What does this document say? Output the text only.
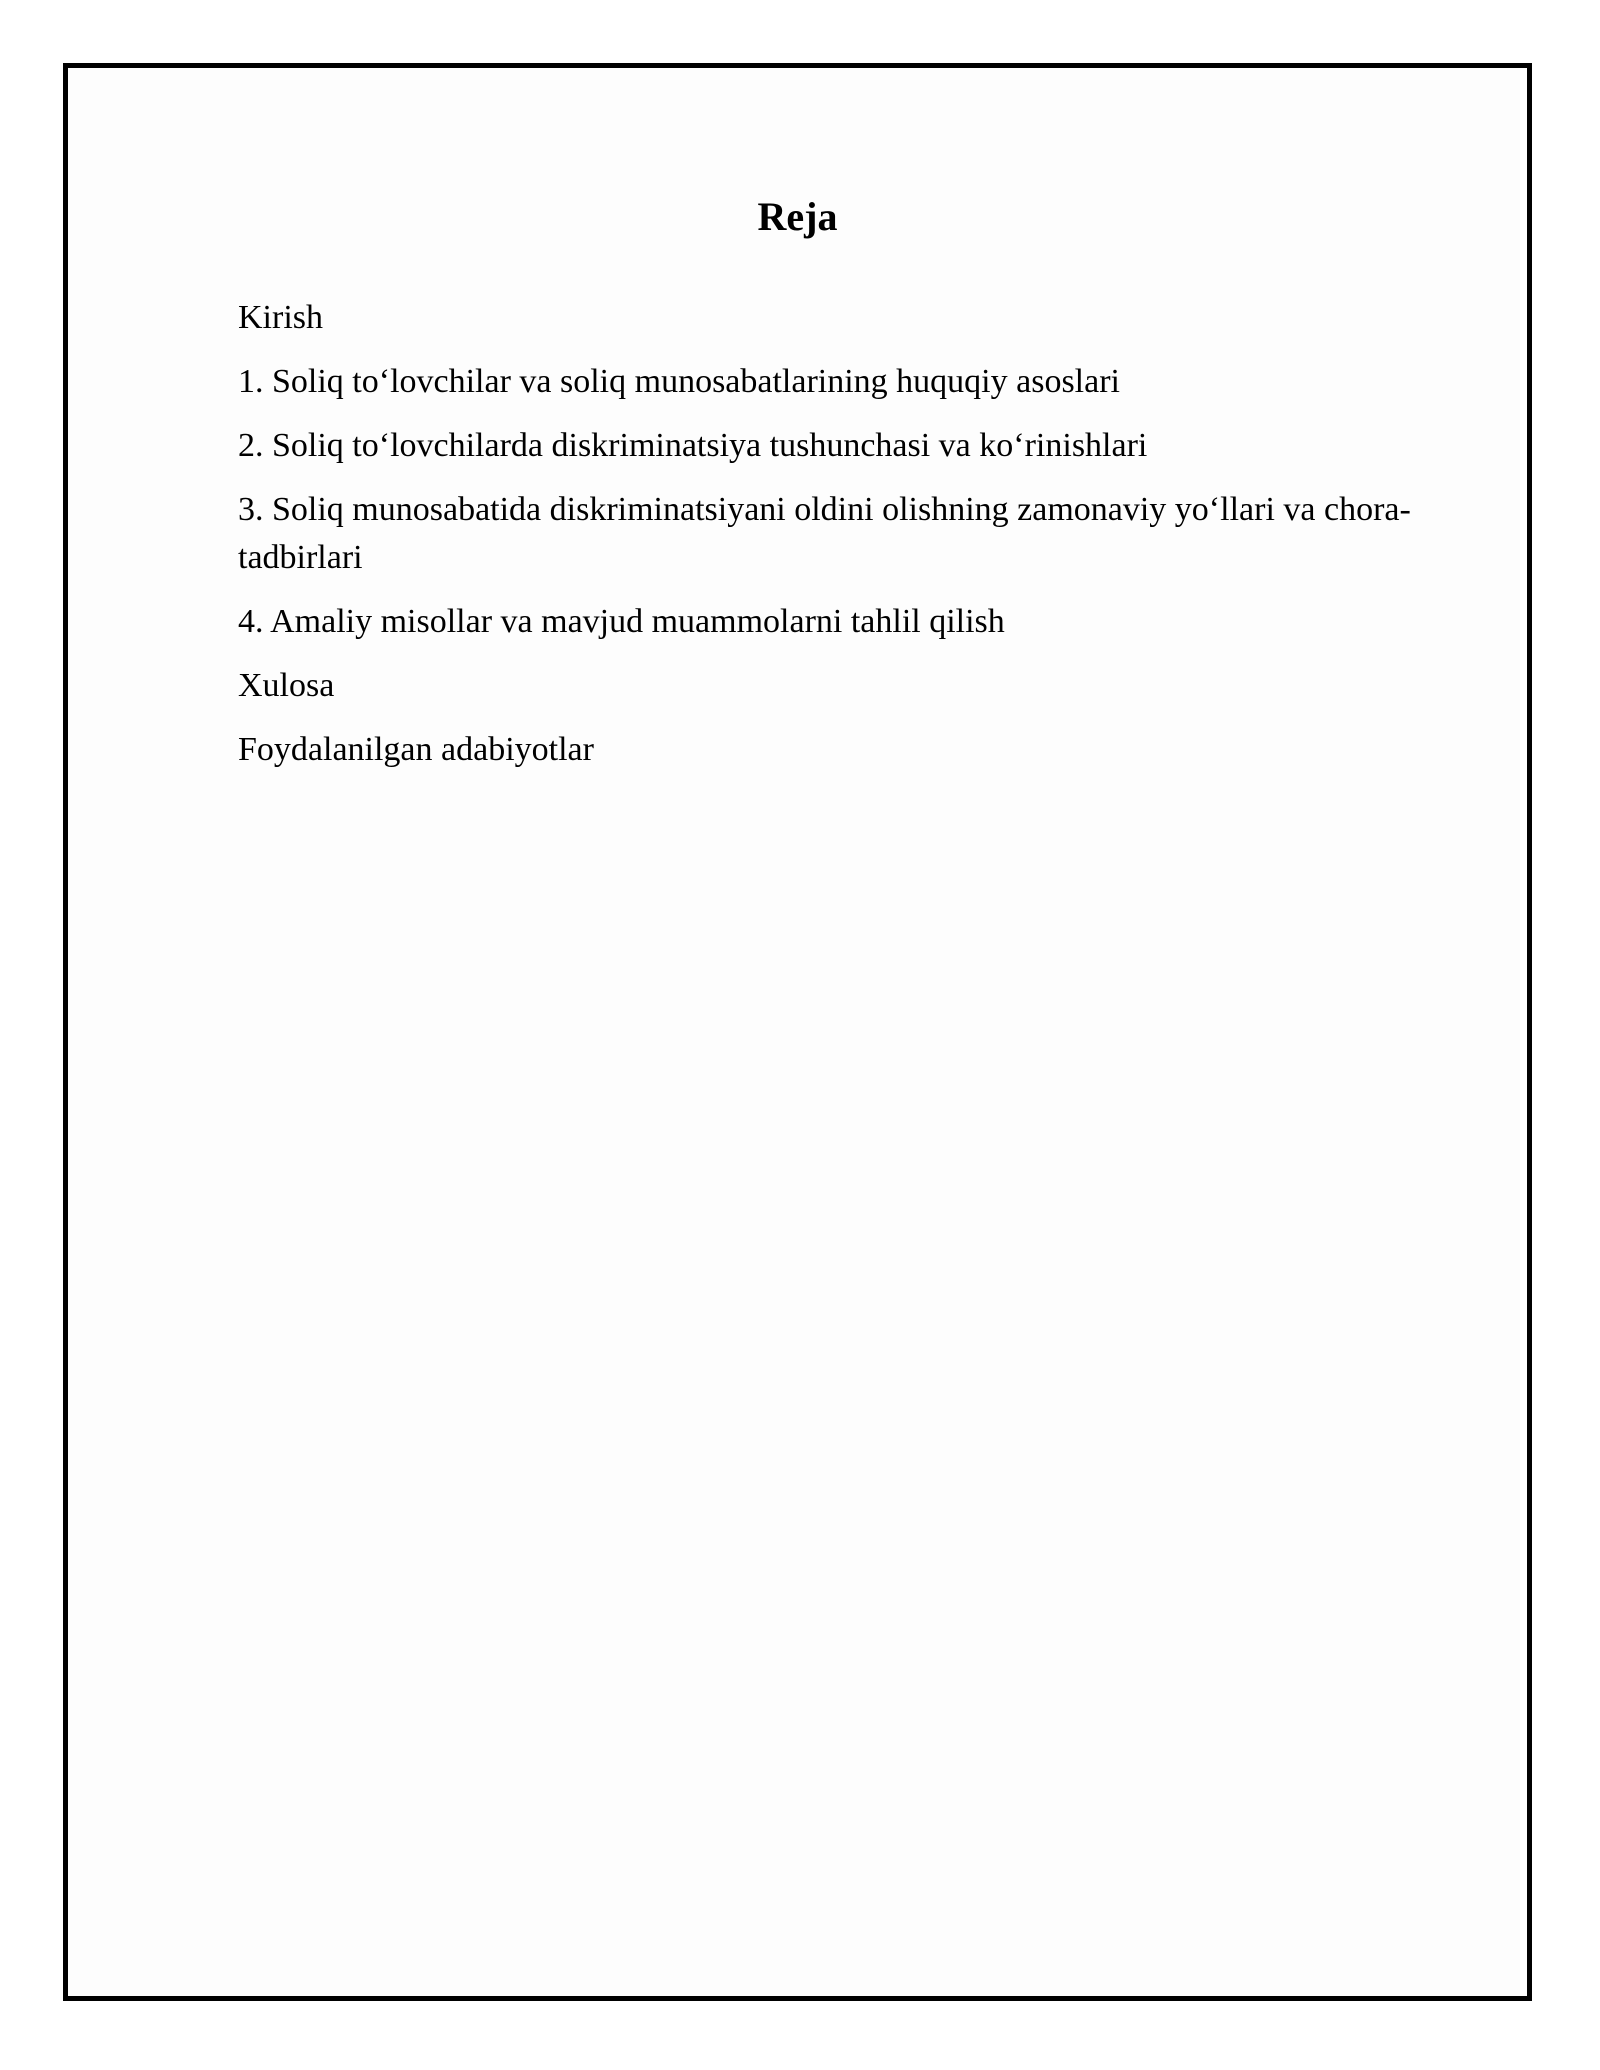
Reja
Kirish
1. Soliq to‘lovchilar va soliq munosabatlarining huquqiy asoslari
2. Soliq to‘lovchilarda diskriminatsiya tushunchasi va ko‘rinishlari
3. Soliq munosabatida diskriminatsiyani oldini olishning zamonaviy yo‘llari va chora-tadbirlari
4. Amaliy misollar va mavjud muammolarni tahlil qilish
Xulosa
Foydalanilgan adabiyotlar
